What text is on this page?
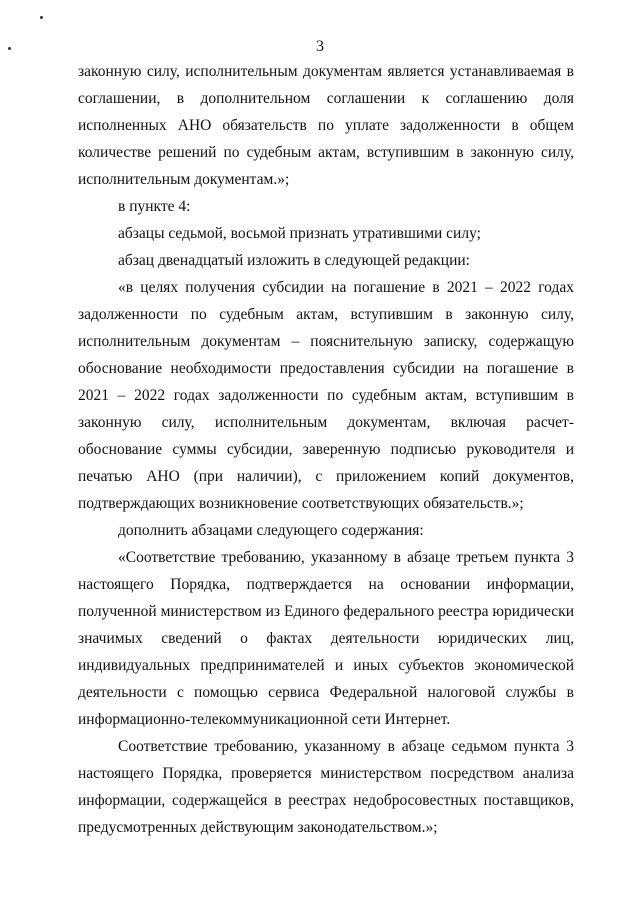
3

законную силу, исполнительным документам является устанавливаемая в соглашении, в дополнительном соглашении к соглашению доля исполненных АНО обязательств по уплате задолженности в общем количестве решений по судебным актам, вступившим в законную силу, исполнительным документам.»;

в пункте 4:

абзацы седьмой, восьмой признать утратившими силу;

абзац двенадцатый изложить в следующей редакции:

«в целях получения субсидии на погашение в 2021 – 2022 годах задолженности по судебным актам, вступившим в законную силу, исполнительным документам – пояснительную записку, содержащую обоснование необходимости предоставления субсидии на погашение в 2021 – 2022 годах задолженности по судебным актам, вступившим в законную силу, исполнительным документам, включая расчет-обоснование суммы субсидии, заверенную подписью руководителя и печатью АНО (при наличии), с приложением копий документов, подтверждающих возникновение соответствующих обязательств.»;

дополнить абзацами следующего содержания:

«Соответствие требованию, указанному в абзаце третьем пункта 3 настоящего Порядка, подтверждается на основании информации, полученной министерством из Единого федерального реестра юридически значимых сведений о фактах деятельности юридических лиц, индивидуальных предпринимателей и иных субъектов экономической деятельности с помощью сервиса Федеральной налоговой службы в информационно-телекоммуникационной сети Интернет.

Соответствие требованию, указанному в абзаце седьмом пункта 3 настоящего Порядка, проверяется министерством посредством анализа информации, содержащейся в реестрах недобросовестных поставщиков, предусмотренных действующим законодательством.»;
